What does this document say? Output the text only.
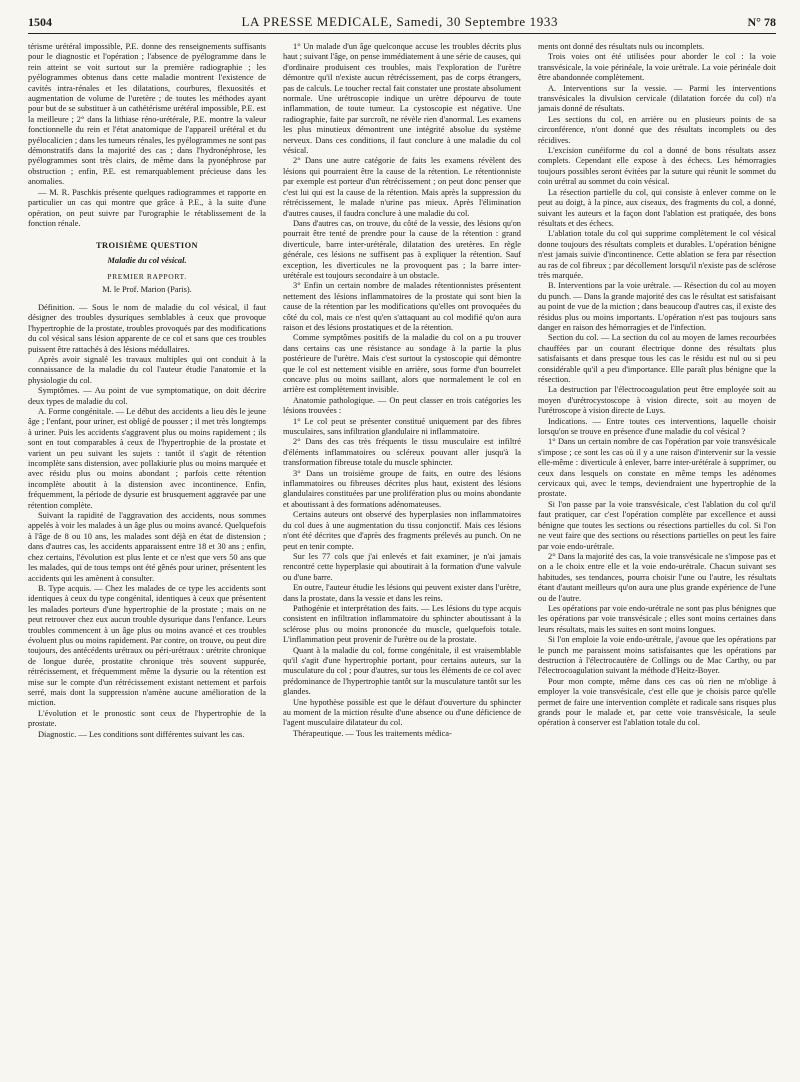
1504	LA PRESSE MEDICALE, Samedi, 30 Septembre 1933	N° 78

térisme urétéral impossible, P.E. donne des renseignements suffisants pour le diagnostic et l'opération ; l'absence de pyélogramme dans le rein atteint se voit surtout sur la première radiographie ; les pyélogrammes obtenus dans cette maladie montrent l'existence de cavités intra-rénales et les dilatations, courbures, flexuosités et augmentation de volume de l'uretère ; de toutes les méthodes ayant pour but de se substituer à un cathétérisme urétéral impossible, P.E. est la meilleure ; 2° dans la lithiase réno-urétérale, P.E. montre la valeur fonctionnelle du rein et l'état anatomique de l'appareil urétéral et du pyélocalicien ; dans les tumeurs rénales, les pyélogrammes ne sont pas démonstratifs dans la majorité des cas ; dans l'hydronéphrose, les pyélogrammes sont très clairs, de même dans la pyonéphrose par obstruction ; enfin, P.E. est remarquablement précieuse dans les anomalies.

— M. R. Paschkis présente quelques radiogrammes et rapporte en particulier un cas qui montre que grâce à P.E., à la suite d'une opération, on peut suivre par l'urographie le rétablissement de la fonction rénale.

TROISIÈME QUESTION
Maladie du col vésical.
PREMIER RAPPORT.
M. le Prof. Marion (Paris).

Définition. — Sous le nom de maladie du col vésical, il faut désigner des troubles dysuriques semblables à ceux que provoque l'hypertrophie de la prostate, troubles provoqués par des modifications du col vésical sans lésion apparente de ce col et sans que ces troubles puissent être rattachés à des lésions médullaires.

Après avoir signalé les travaux multiples qui ont conduit à la connaissance de la maladie du col l'auteur étudie l'anatomie et la physiologie du col.

Symptômes. — Au point de vue symptomatique, on doit décrire deux types de maladie du col.

A. Forme congénitale. — Le début des accidents a lieu dès le jeune âge ; l'enfant, pour uriner, est obligé de pousser ; il met très longtemps à uriner. Puis les accidents s'aggravent plus ou moins rapidement ; ils sont en tout comparables à ceux de l'hypertrophie de la prostate et varient un peu suivant les sujets : tantôt il s'agit de rétention incomplète sans distension, avec pollakiurie plus ou moins marquée et avec résidu plus ou moins abondant ; parfois cette rétention incomplète aboutit à la distension avec incontinence. Enfin, fréquemment, la période de dysurie est brusquement aggravée par une rétention complète.

Suivant la rapidité de l'aggravation des accidents, nous sommes appelés à voir les malades à un âge plus ou moins avancé. Quelquefois à l'âge de 8 ou 10 ans, les malades sont déjà en état de distension ; dans d'autres cas, les accidents apparaissent entre 18 et 30 ans ; enfin, chez certains, l'évolution est plus lente et ce n'est que vers 50 ans que les malades, qui de tous temps ont été gênés pour uriner, présentent les accidents qui les amènent à consulter.

B. Type acquis. — Chez les malades de ce type les accidents sont identiques à ceux du type congénital, identiques à ceux que présentent les malades porteurs d'une hypertrophie de la prostate ; mais on ne peut retrouver chez eux aucun trouble dysurique dans l'enfance. Leurs troubles commencent à un âge plus ou moins avancé et ces troubles évoluent plus ou moins rapidement. Par contre, on trouve, ou peut dire toujours, des antécédents urétraux ou péri-urétraux : urétrite chronique de longue durée, prostatite chronique très souvent suppurée, rétrécissement, et fréquemment même la dysurie ou la rétention est mise sur le compte d'un rétrécissement existant nettement et parfois serré, mais dont la suppression n'amène aucune amélioration de la miction.

L'évolution et le pronostic sont ceux de l'hypertrophie de la prostate.

Diagnostic. — Les conditions sont différentes suivant les cas.

1° Un malade d'un âge quelconque accuse les troubles décrits plus haut ; suivant l'âge, on pense immédiatement à une série de causes, qui d'ordinaire produisent ces troubles, mais l'exploration de l'urètre démontre qu'il n'existe aucun rétrécissement, pas de corps étrangers, pas de calculs. Le toucher rectal fait constater une prostate absolument normale. Une urétroscopie indique un urètre dépourvu de toute inflammation, de toute tumeur. La cystoscopie est négative. Une radiographie, faite par surcroît, ne révèle rien d'anormal. Les examens les plus minutieux démontrent une intégrité absolue du système nerveux. Dans ces conditions, il faut conclure à une maladie du col vésical.

2° Dans une autre catégorie de faits les examens révèlent des lésions qui pourraient être la cause de la rétention. Le rétentionniste par exemple est porteur d'un rétrécissement ; on peut donc penser que c'est lui qui est la cause de la rétention. Mais après la suppression du rétrécissement, le malade n'urine pas mieux. Après l'élimination d'autres causes, il faudra conclure à une maladie du col.

Dans d'autres cas, on trouve, du côté de la vessie, des lésions qu'on pourrait être tenté de prendre pour la cause de la rétention : grand diverticule, barre inter-urétérale, dilatation des uretères. En règle générale, ces lésions ne suffisent pas à expliquer la rétention. Sauf exception, les diverticules ne la provoquent pas ; la barre inter-urétérale est toujours secondaire à un obstacle.

3° Enfin un certain nombre de malades rétentionnistes présentent nettement des lésions inflammatoires de la prostate qui sont bien la cause de la rétention par les modifications qu'elles ont provoquées du côté du col, mais ce n'est qu'en s'attaquant au col modifié qu'on aura raison et des lésions prostatiques et de la rétention.

Comme symptômes positifs de la maladie du col on a pu trouver dans certains cas une résistance au sondage à la partie la plus postérieure de l'urètre. Mais c'est surtout la cystoscopie qui démontre que le col est nettement visible en arrière, sous forme d'un bourrelet concave plus ou moins saillant, alors que normalement le col en arrière est complètement invisible.

Anatomie pathologique. — On peut classer en trois catégories les lésions trouvées :

1° Le col peut se présenter constitué uniquement par des fibres musculaires, sans infiltration glandulaire ni inflammatoire.

2° Dans des cas très fréquents le tissu musculaire est infiltré d'éléments inflammatoires ou scléreux pouvant aller jusqu'à la transformation fibreuse totale du muscle sphincter.

3° Dans un troisième groupe de faits, en outre des lésions inflammatoires ou fibreuses décrites plus haut, existent des lésions glandulaires constituées par une prolifération plus ou moins abondante et aboutissant à des formations adénomateuses.

Certains auteurs ont observé des hyperplasies non inflammatoires du col dues à une augmentation du tissu conjonctif. Mais ces lésions n'ont été décrites que d'après des fragments prélevés au punch. On ne peut en tenir compte.

Sur les 77 cols que j'ai enlevés et fait examiner, je n'ai jamais rencontré cette hyperplasie qui aboutirait à la formation d'une valvule ou d'une barre.

En outre, l'auteur étudie les lésions qui peuvent exister dans l'urètre, dans la prostate, dans la vessie et dans les reins.

Pathogénie et interprétation des faits. — Les lésions du type acquis consistent en infiltration inflammatoire du sphincter aboutissant à la sclérose plus ou moins prononcée du muscle, quelquefois totale. L'inflammation peut provenir de l'urètre ou de la prostate.

Quant à la maladie du col, forme congénitale, il est vraisemblable qu'il s'agit d'une hypertrophie portant, pour certains auteurs, sur la musculature du col ; pour d'autres, sur tous les éléments de ce col avec prédominance de l'hypertrophie tantôt sur la musculature tantôt sur les glandes.

Une hypothèse possible est que le défaut d'ouverture du sphincter au moment de la miction résulte d'une absence ou d'une déficience de l'agent musculaire dilatateur du col.

Thérapeutique. — Tous les traitements médica-

ments ont donné des résultats nuls ou incomplets.

Trois voies ont été utilisées pour aborder le col : la voie transvésicale, la voie périnéale, la voie urétrale. La voie périnéale doit être abandonnée complètement.

A. Interventions sur la vessie. — Parmi les interventions transvésicales la divulsion cervicale (dilatation forcée du col) n'a jamais donné de résultats.

Les sections du col, en arrière ou en plusieurs points de sa circonférence, n'ont donné que des résultats incomplets ou des récidives.

L'excision cunéiforme du col a donné de bons résultats assez complets. Cependant elle expose à des échecs. Les hémorragies toujours possibles seront évitées par la suture qui réunit le sommet du coin urétral au sommet du coin vésical.

La résection partielle du col, qui consiste à enlever comme on le peut au doigt, à la pince, aux ciseaux, des fragments du col, a donné, suivant les auteurs et la façon dont l'ablation est pratiquée, des bons résultats et des échecs.

L'ablation totale du col qui supprime complètement le col vésical donne toujours des résultats complets et durables. L'opération bénigne n'est jamais suivie d'incontinence. Cette ablation se fera par résection au ras de col fibreux ; par décollement lorsqu'il n'existe pas de sclérose très marquée.

B. Interventions par la voie urétrale. — Résection du col au moyen du punch. — Dans la grande majorité des cas le résultat est satisfaisant au point de vue de la miction ; dans beaucoup d'autres cas, il existe des résidus plus ou moins importants. L'opération n'est pas toujours sans danger en raison des hémorragies et de l'infection.

Section du col. — La section du col au moyen de lames recourbées chauffées par un courant électrique donne des résultats plus satisfaisants et dans presque tous les cas le résidu est nul ou si peu considérable qu'il a peu d'importance. Elle paraît plus bénigne que la résection.

La destruction par l'électrocoagulation peut être employée soit au moyen d'urétrocystoscope à vision directe, soit au moyen de l'urétroscope à vision directe de Luys.

Indications. — Entre toutes ces interventions, laquelle choisir lorsqu'on se trouve en présence d'une maladie du col vésical ?

1° Dans un certain nombre de cas l'opération par voie transvésicale s'impose ; ce sont les cas où il y a une raison d'intervenir sur la vessie elle-même : diverticule à enlever, barre inter-urétérale à supprimer, ou ceux dans lesquels on constate en même temps les adénomes cervicaux qui, avec le temps, deviendraient une hypertrophie de la prostate.

Si l'on passe par la voie transvésicale, c'est l'ablation du col qu'il faut pratiquer, car c'est l'opération complète par excellence et aussi bénigne que toutes les sections ou résections partielles du col. Si l'on ne veut faire que des sections ou résections partielles on peut les faire par voie endo-urétrale.

2° Dans la majorité des cas, la voie transvésicale ne s'impose pas et on a le choix entre elle et la voie endo-urétrale. Chacun suivant ses habitudes, ses tendances, pourra choisir l'une ou l'autre, les résultats étant d'autant meilleurs qu'on aura une plus grande expérience de l'une ou de l'autre.

Les opérations par voie endo-urétrale ne sont pas plus bénignes que les opérations par voie transvésicale ; elles sont moins certaines dans leurs résultats, mais les suites en sont moins longues.

Si l'on emploie la voie endo-urétrale, j'avoue que les opérations par le punch me paraissent moins satisfaisantes que les opérations par destruction à l'électrocautère de Collings ou de Mac Carthy, ou par l'électrocoagulation suivant la méthode d'Heitz-Boyer.

Pour mon compte, même dans ces cas où rien ne m'oblige à employer la voie transvésicale, c'est elle que je choisis parce qu'elle permet de faire une intervention complète et radicale sans risques plus grands pour le malade et, par cette voie transvésicale, la seule opération à conserver est l'ablation totale du col.
